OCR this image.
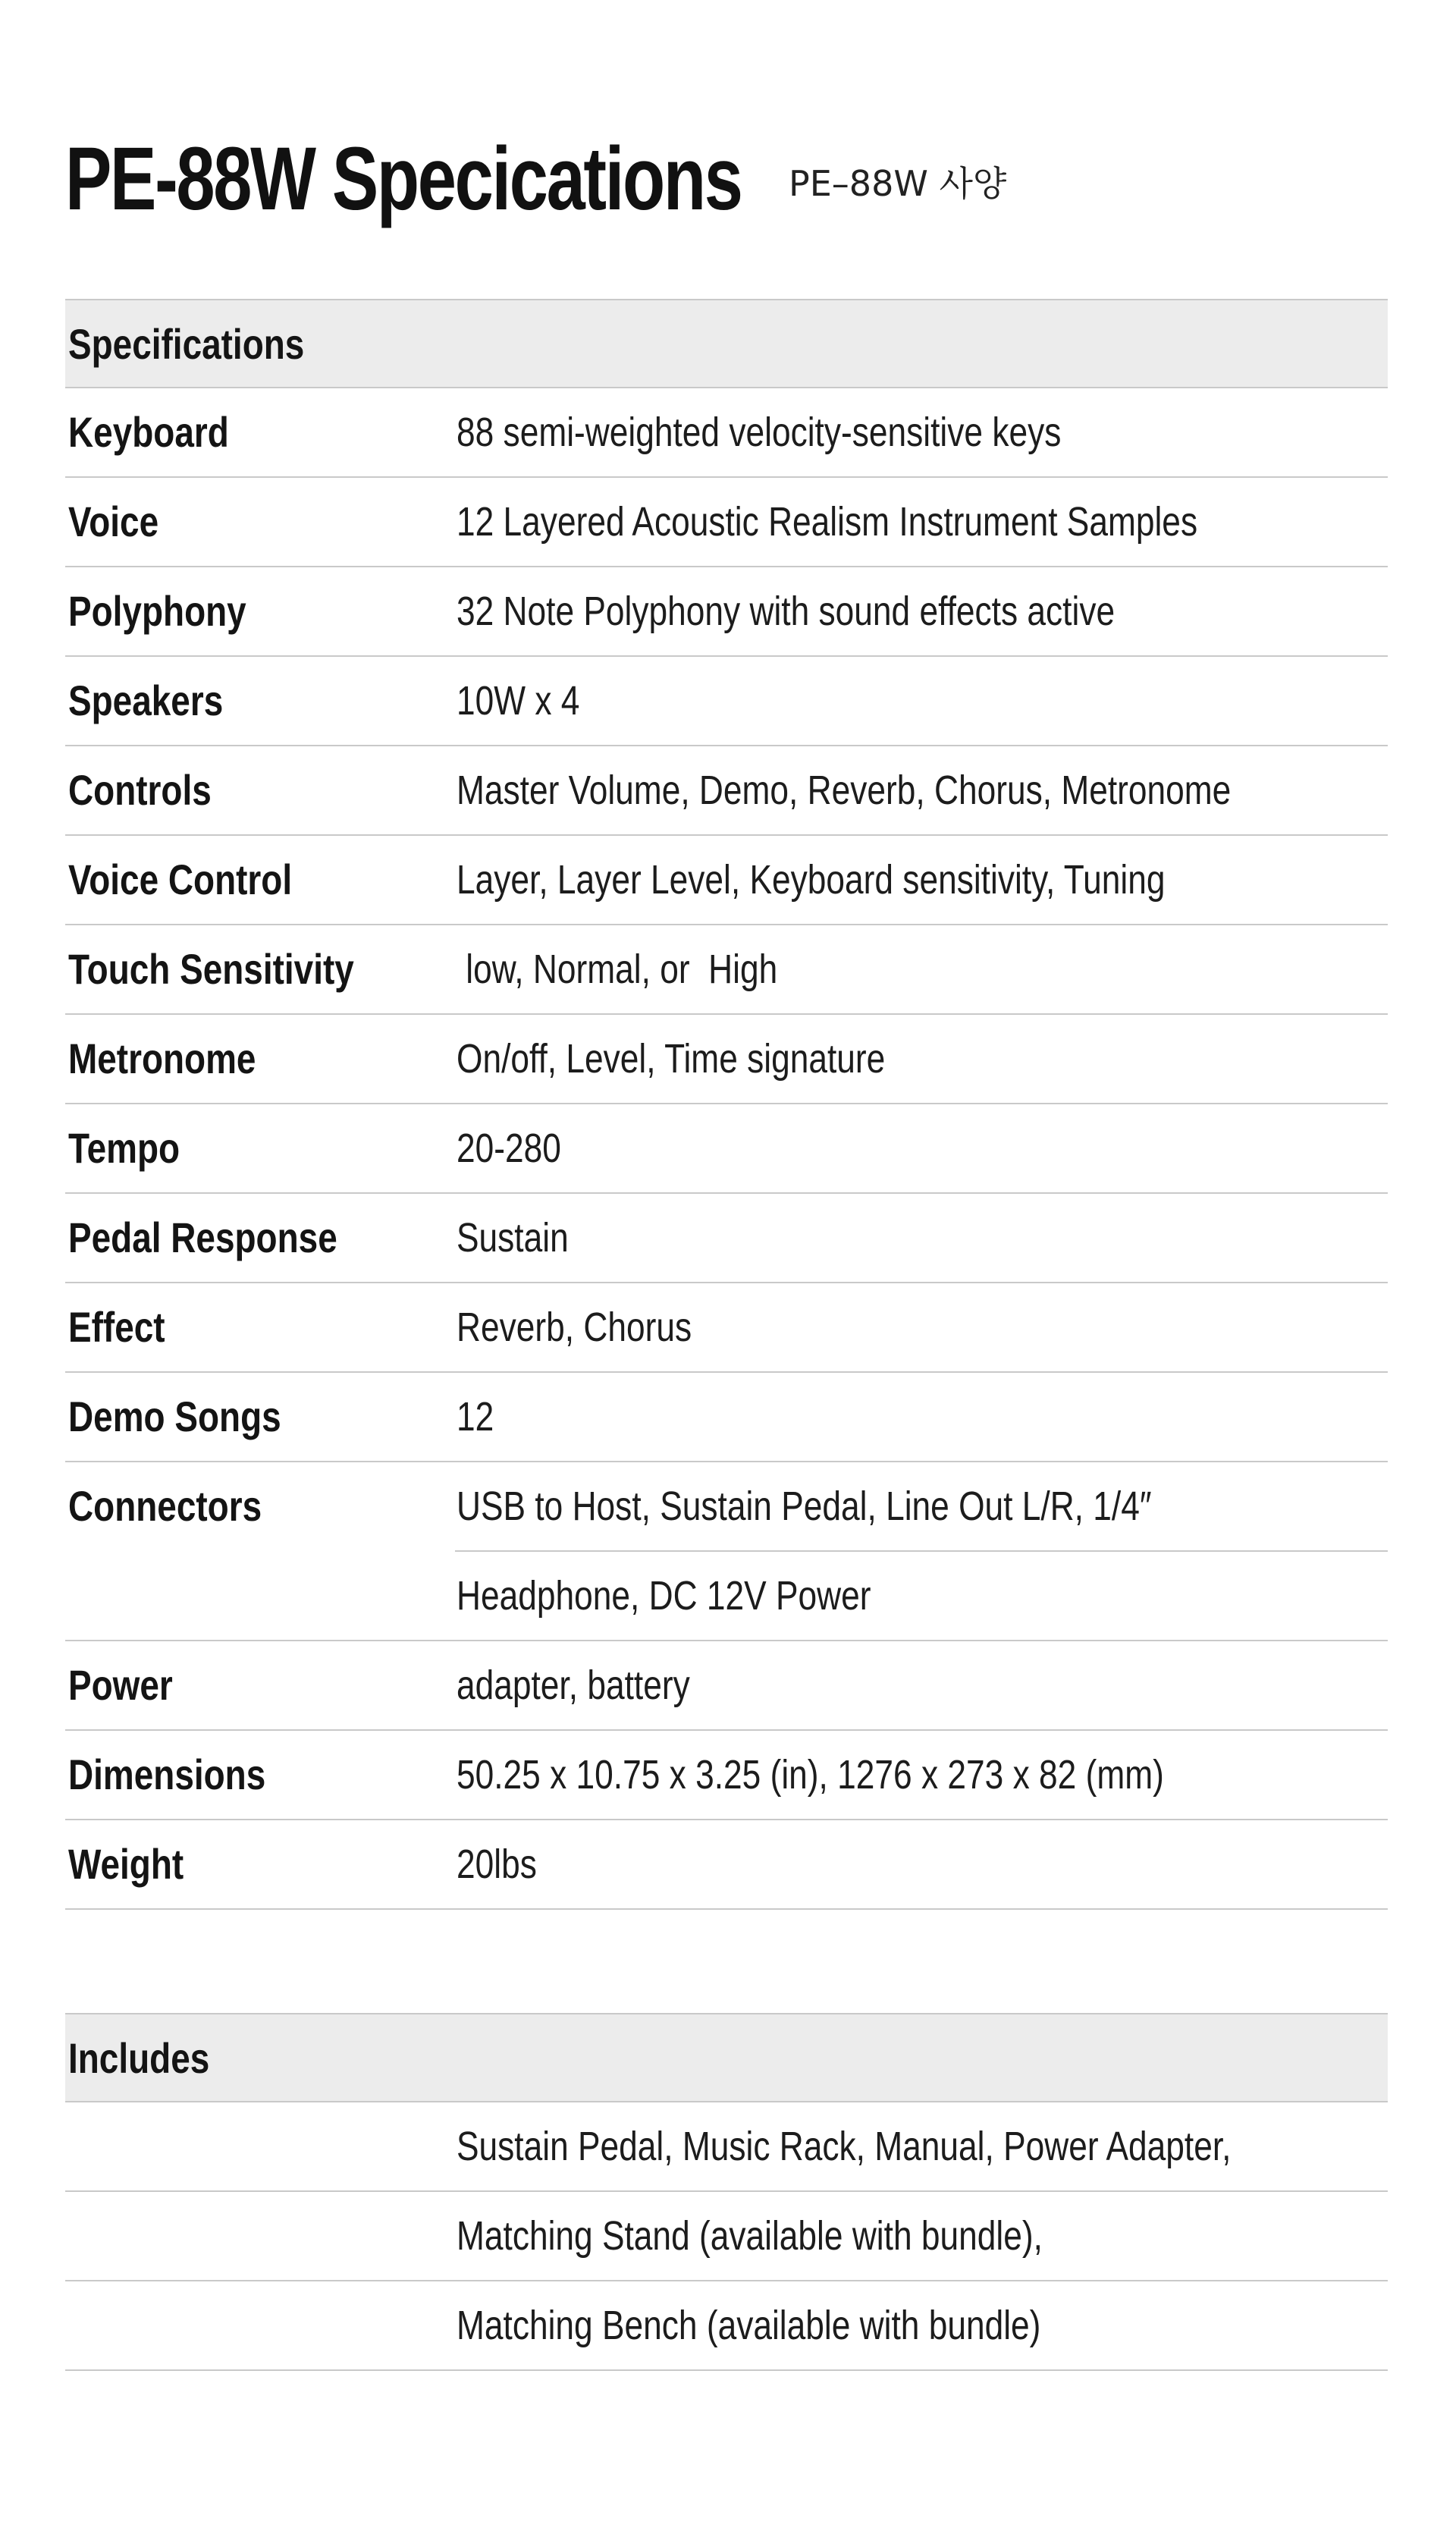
PE-88W Specications PE–88W 사양
Specifications
Keyboard	88 semi-weighted velocity-sensitive keys
Voice	12 Layered Acoustic Realism Instrument Samples
Polyphony	32 Note Polyphony with sound effects active
Speakers	10W x 4
Controls	Master Volume, Demo, Reverb, Chorus, Metronome
Voice Control	Layer, Layer Level, Keyboard sensitivity, Tuning
Touch Sensitivity	low, Normal, or  High
Metronome	On/off, Level, Time signature
Tempo	20-280
Pedal Response	Sustain
Effect	Reverb, Chorus
Demo Songs	12
Connectors	USB to Host, Sustain Pedal, Line Out L/R, 1/4″
Headphone, DC 12V Power
Power	adapter, battery
Dimensions	50.25 x 10.75 x 3.25 (in), 1276 x 273 x 82 (mm)
Weight	20lbs
Includes
Sustain Pedal, Music Rack, Manual, Power Adapter,
Matching Stand (available with bundle),
Matching Bench (available with bundle)
